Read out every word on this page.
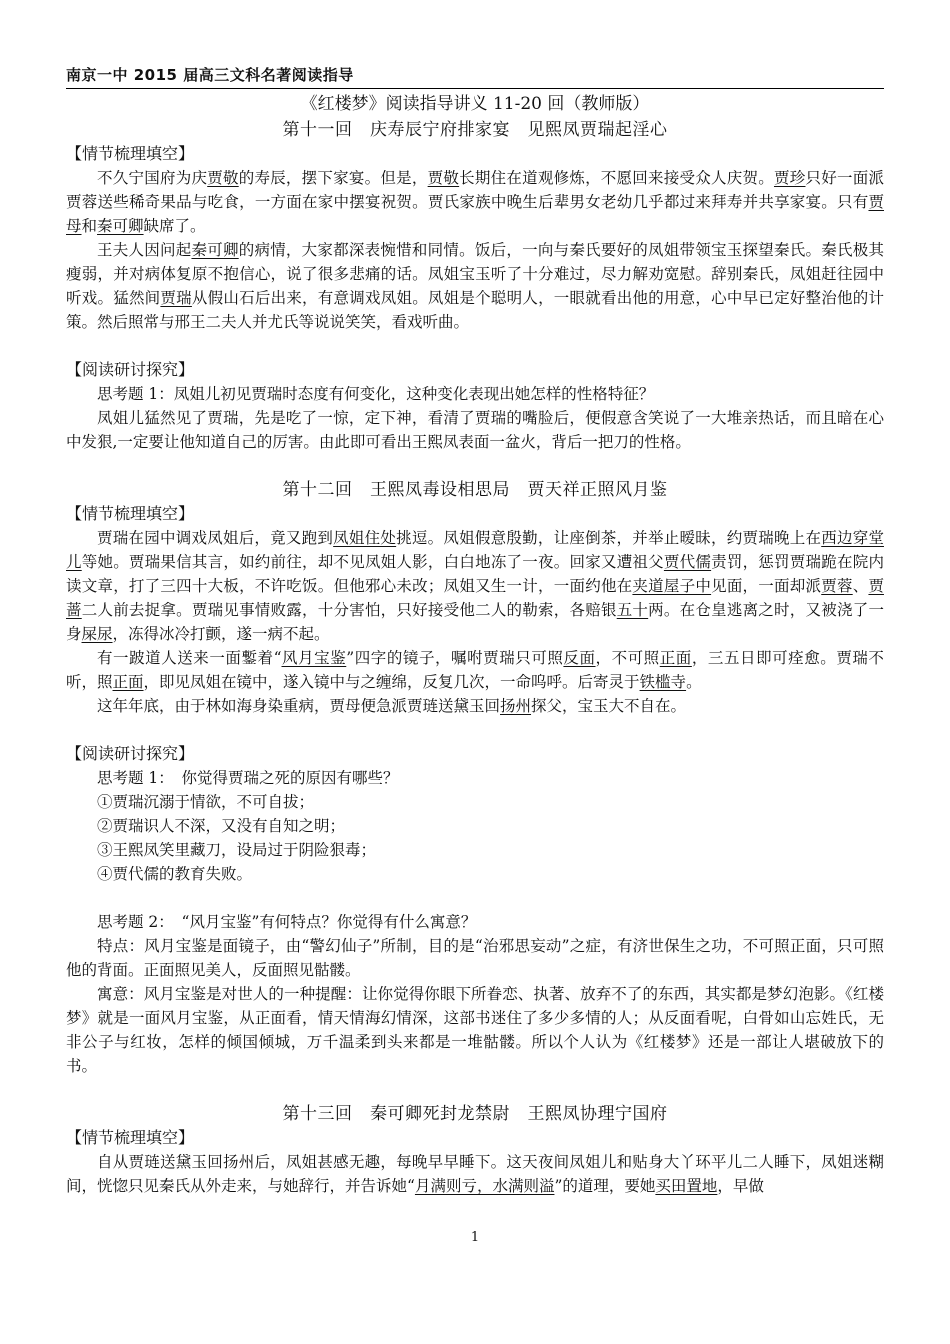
南京一中 2015 届高三文科名著阅读指导
《红楼梦》阅读指导讲义 11-20 回（教师版）
第十一回　庆寿辰宁府排家宴　见熙凤贾瑞起淫心
【情节梳理填空】

不久宁国府为庆贾敬的寿辰，摆下家宴。但是，贾敬长期住在道观修炼，不愿回来接受众人庆贺。贾珍只好一面派贾蓉送些稀奇果品与吃食，一方面在家中摆宴祝贺。贾氏家族中晚生后辈男女老幼几乎都过来拜寿并共享家宴。只有贾母和秦可卿缺席了。

王夫人因问起秦可卿的病情，大家都深表惋惜和同情。饭后，一向与秦氏要好的凤姐带领宝玉探望秦氏。秦氏极其瘦弱，并对病体复原不抱信心，说了很多悲痛的话。凤姐宝玉听了十分难过，尽力解劝宽慰。辞别秦氏，凤姐赶往园中听戏。猛然间贾瑞从假山石后出来，有意调戏凤姐。凤姐是个聪明人，一眼就看出他的用意，心中早已定好整治他的计策。然后照常与邢王二夫人并尤氏等说说笑笑，看戏听曲。

【阅读研讨探究】

思考题 1：凤姐儿初见贾瑞时态度有何变化，这种变化表现出她怎样的性格特征？

凤姐儿猛然见了贾瑞，先是吃了一惊，定下神，看清了贾瑞的嘴脸后，便假意含笑说了一大堆亲热话，而且暗在心中发狠,一定要让他知道自己的厉害。由此即可看出王熙凤表面一盆火，背后一把刀的性格。

第十二回　王熙凤毒设相思局　贾天祥正照风月鉴
【情节梳理填空】

贾瑞在园中调戏凤姐后，竟又跑到凤姐住处挑逗。凤姐假意殷勤，让座倒茶，并举止暧昧，约贾瑞晚上在西边穿堂儿等她。贾瑞果信其言，如约前往，却不见凤姐人影，白白地冻了一夜。回家又遭祖父贾代儒责罚，惩罚贾瑞跪在院内读文章，打了三四十大板，不许吃饭。但他邪心未改；凤姐又生一计，一面约他在夹道屋子中见面，一面却派贾蓉、贾蔷二人前去捉拿。贾瑞见事情败露，十分害怕，只好接受他二人的勒索，各赔银五十两。在仓皇逃离之时，又被浇了一身屎尿，冻得冰冷打颤，遂一病不起。

有一跛道人送来一面鏨着“风月宝鉴”四字的镜子，嘱咐贾瑞只可照反面，不可照正面，三五日即可痊愈。贾瑞不听，照正面，即见凤姐在镜中，遂入镜中与之缠绵，反复几次，一命呜呼。后寄灵于铁槛寺。

这年年底，由于林如海身染重病，贾母便急派贾琏送黛玉回扬州探父，宝玉大不自在。

【阅读研讨探究】

思考题 1：　你觉得贾瑞之死的原因有哪些？

①贾瑞沉溺于情欲，不可自拔；
②贾瑞识人不深，又没有自知之明；
③王熙凤笑里藏刀，设局过于阴险狠毒；
④贾代儒的教育失败。

思考题 2：　“风月宝鉴”有何特点？你觉得有什么寓意？

特点：风月宝鉴是面镜子，由“警幻仙子”所制，目的是“治邪思妄动”之症，有济世保生之功，不可照正面，只可照他的背面。正面照见美人，反面照见骷髅。

寓意：风月宝鉴是对世人的一种提醒：让你觉得你眼下所眷恋、执著、放弃不了的东西，其实都是梦幻泡影。《红楼梦》就是一面风月宝鉴，从正面看，情天情海幻情深，这部书迷住了多少多情的人；从反面看呢，白骨如山忘姓氏，无非公子与红妆，怎样的倾国倾城，万千温柔到头来都是一堆骷髅。所以个人认为《红楼梦》还是一部让人堪破放下的书。

第十三回　秦可卿死封龙禁尉　王熙凤协理宁国府
【情节梳理填空】

自从贾琏送黛玉回扬州后，凤姐甚感无趣，每晚早早睡下。这天夜间凤姐儿和贴身大丫环平儿二人睡下，凤姐迷糊间，恍惚只见秦氏从外走来，与她辞行，并告诉她“月满则亏，水满则溢”的道理，要她买田置地，早做

1
